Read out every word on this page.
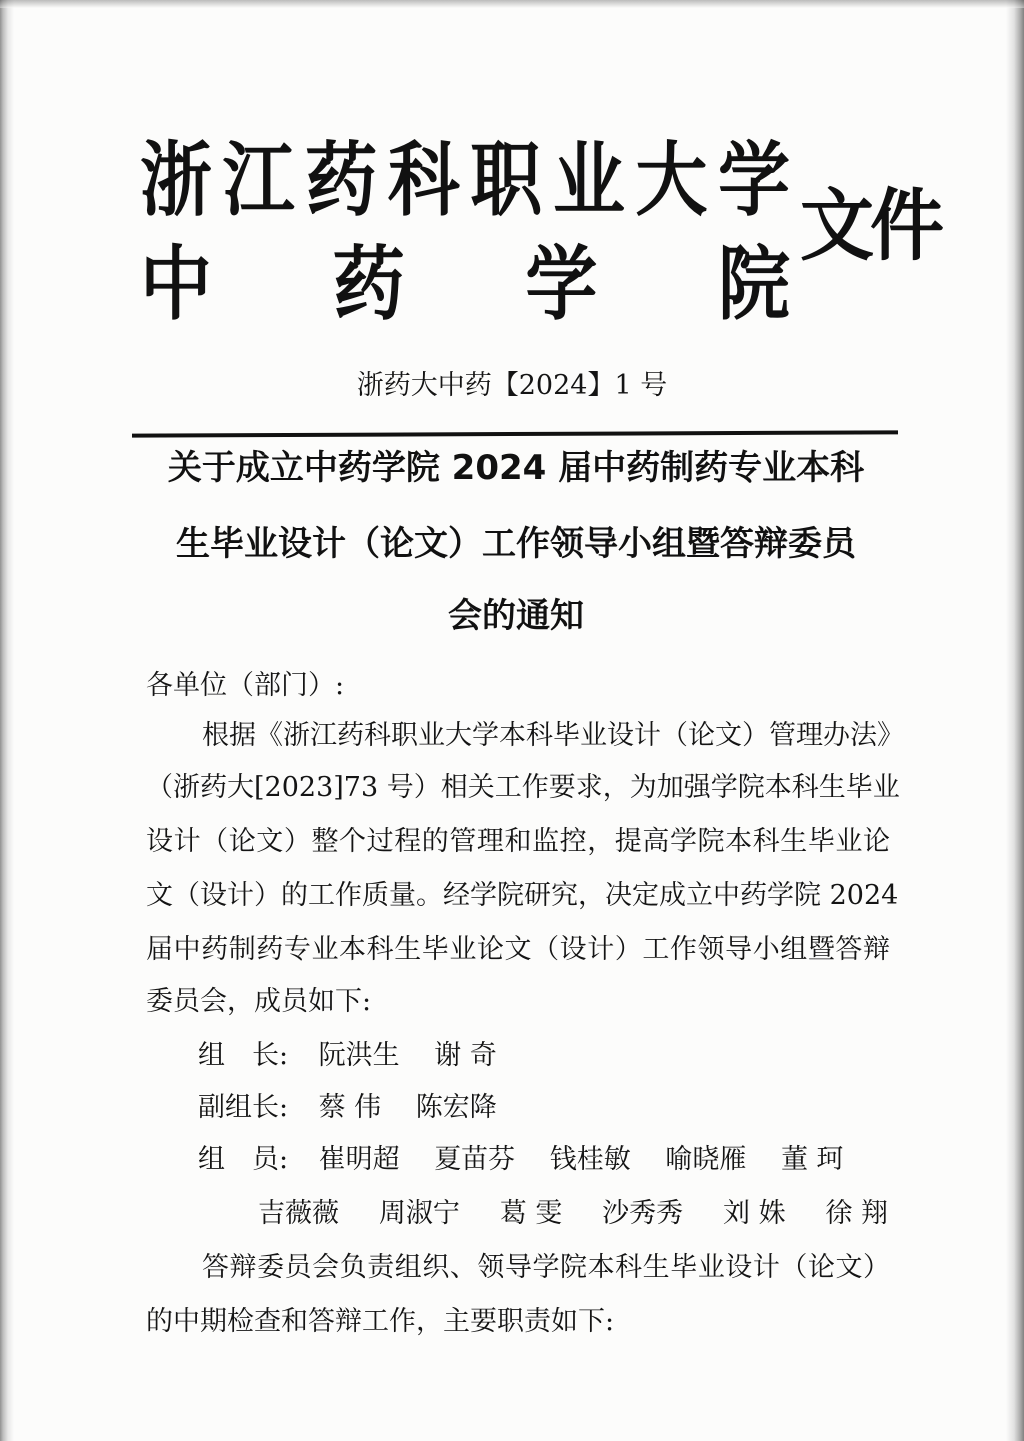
浙 江 药 科 职 业 大 学
中 药 学 院
文件
浙药大中药【2024】1 号
关于成立中药学院 2024 届中药制药专业本科
生毕业设计（论文）工作领导小组暨答辩委员
会的通知
各单位（部门）:
根据《浙江药科职业大学本科毕业设计（论文）管理办法》
（浙药大[2023]73 号）相关工作要求，为加强学院本科生毕业
设计（论文）整个过程的管理和监控，提高学院本科生毕业论
文（设计）的工作质量。经学院研究，决定成立中药学院 2024
届中药制药专业本科生毕业论文（设计）工作领导小组暨答辩
委员会，成员如下:
组　长: 阮洪生 谢 奇
副组长: 蔡 伟 陈宏降
组　员: 崔明超 夏苗芬 钱桂敏 喻晓雁 董 珂
吉薇薇 周淑宁 葛 雯 沙秀秀 刘 姝 徐 翔
答辩委员会负责组织、领导学院本科生毕业设计（论文）
的中期检查和答辩工作，主要职责如下:
